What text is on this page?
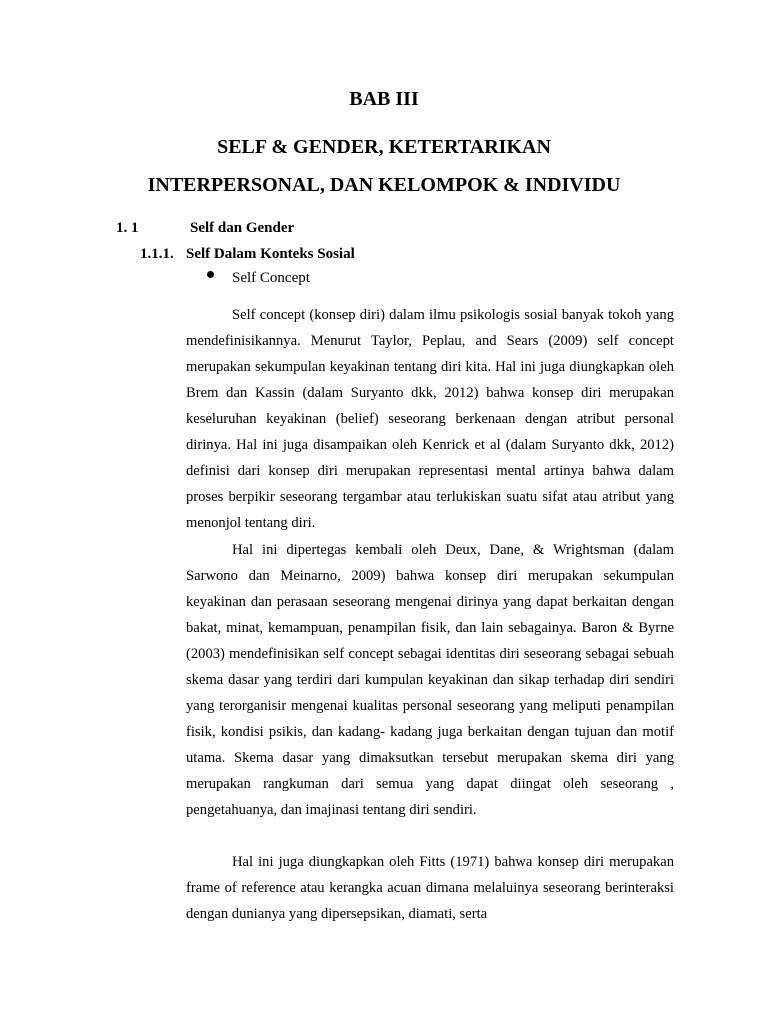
BAB III
SELF & GENDER, KETERTARIKAN
INTERPERSONAL, DAN KELOMPOK & INDIVIDU
1. 1	Self dan Gender
1.1.1. Self Dalam Konteks Sosial
Self Concept

Self concept (konsep diri) dalam ilmu psikologis sosial banyak tokoh yang mendefinisikannya. Menurut Taylor, Peplau, and Sears (2009) self concept merupakan sekumpulan keyakinan tentang diri kita. Hal ini juga diungkapkan oleh Brem dan Kassin (dalam Suryanto dkk, 2012) bahwa konsep diri merupakan keseluruhan keyakinan (belief) seseorang berkenaan dengan atribut personal dirinya. Hal ini juga disampaikan oleh Kenrick et al (dalam Suryanto dkk, 2012) definisi dari konsep diri merupakan representasi mental artinya bahwa dalam proses berpikir seseorang tergambar atau terlukiskan suatu sifat atau atribut yang menonjol tentang diri.

Hal ini dipertegas kembali oleh Deux, Dane, & Wrightsman (dalam Sarwono dan Meinarno, 2009) bahwa konsep diri merupakan sekumpulan keyakinan dan perasaan seseorang mengenai dirinya yang dapat berkaitan dengan bakat, minat, kemampuan, penampilan fisik, dan lain sebagainya. Baron & Byrne (2003) mendefinisikan self concept sebagai identitas diri seseorang sebagai sebuah skema dasar yang terdiri dari kumpulan keyakinan dan sikap terhadap diri sendiri yang terorganisir mengenai kualitas personal seseorang yang meliputi penampilan fisik, kondisi psikis, dan kadang- kadang juga berkaitan dengan tujuan dan motif utama. Skema dasar yang dimaksutkan tersebut merupakan skema diri yang merupakan rangkuman dari semua yang dapat diingat oleh seseorang , pengetahuanya, dan imajinasi tentang diri sendiri.

Hal ini juga diungkapkan oleh Fitts (1971) bahwa konsep diri merupakan frame of reference atau kerangka acuan dimana melaluinya seseorang berinteraksi dengan dunianya yang dipersepsikan, diamati, serta
